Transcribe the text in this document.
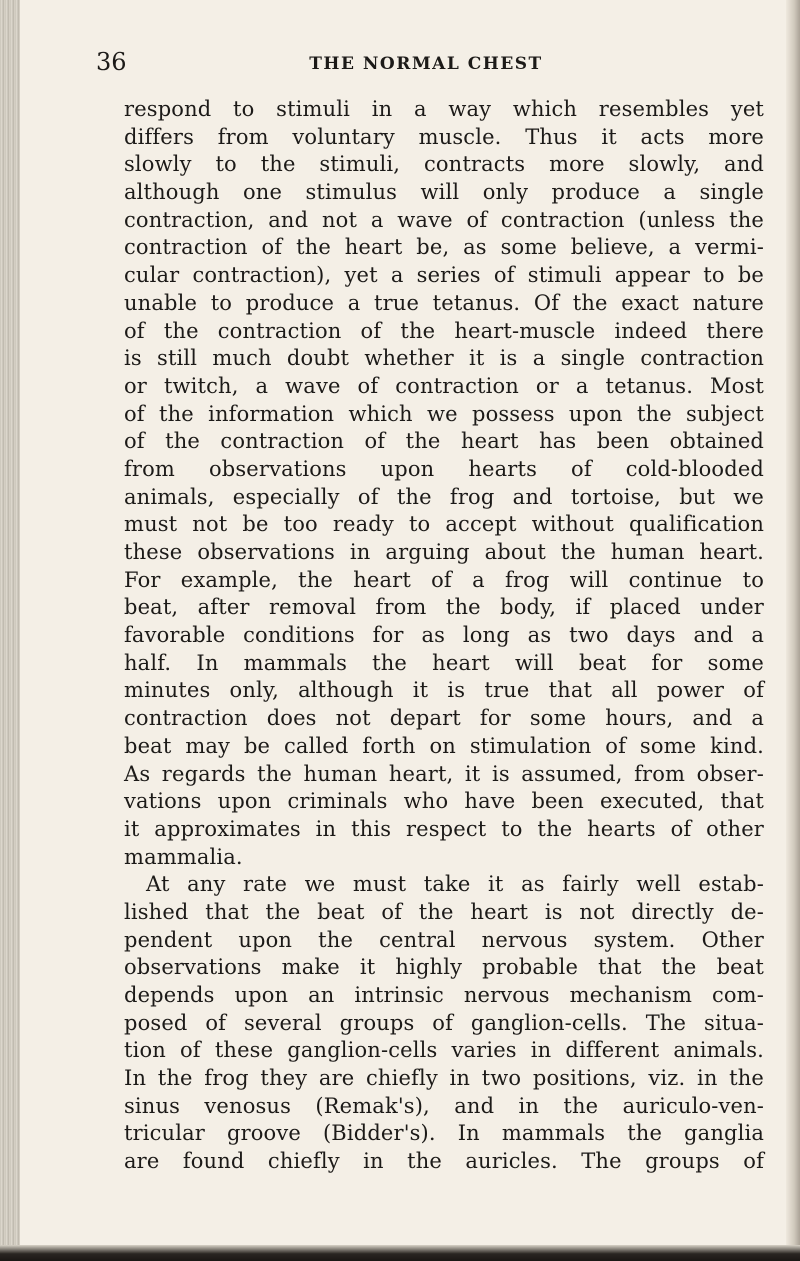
36	THE NORMAL CHEST
respond to stimuli in a way which resembles yet
differs from voluntary muscle. Thus it acts more
slowly to the stimuli, contracts more slowly, and
although one stimulus will only produce a single
contraction, and not a wave of contraction (unless the
contraction of the heart be, as some believe, a vermi-
cular contraction), yet a series of stimuli appear to be
unable to produce a true tetanus. Of the exact nature
of the contraction of the heart-muscle indeed there
is still much doubt whether it is a single contraction
or twitch, a wave of contraction or a tetanus. Most
of the information which we possess upon the subject
of the contraction of the heart has been obtained
from observations upon hearts of cold-blooded
animals, especially of the frog and tortoise, but we
must not be too ready to accept without qualification
these observations in arguing about the human heart.
For example, the heart of a frog will continue to
beat, after removal from the body, if placed under
favorable conditions for as long as two days and a
half. In mammals the heart will beat for some
minutes only, although it is true that all power of
contraction does not depart for some hours, and a
beat may be called forth on stimulation of some kind.
As regards the human heart, it is assumed, from obser-
vations upon criminals who have been executed, that
it approximates in this respect to the hearts of other
mammalia.
At any rate we must take it as fairly well estab-
lished that the beat of the heart is not directly de-
pendent upon the central nervous system. Other
observations make it highly probable that the beat
depends upon an intrinsic nervous mechanism com-
posed of several groups of ganglion-cells. The situa-
tion of these ganglion-cells varies in different animals.
In the frog they are chiefly in two positions, viz. in the
sinus venosus (Remak's), and in the auriculo-ven-
tricular groove (Bidder's). In mammals the ganglia
are found chiefly in the auricles. The groups of
